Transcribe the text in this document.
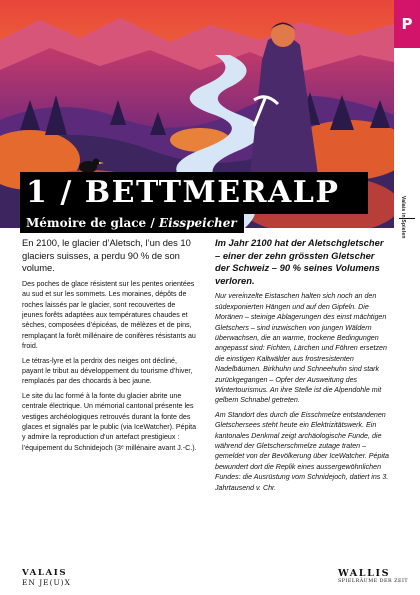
P
1 / BETTMERALP
Mémoire de glace / Eisspeicher
En 2100, le glacier d’Aletsch, l’un des 10 glaciers suisses, a perdu 90 % de son volume.

Des poches de glace résistent sur les pentes orientées au sud et sur les sommets. Les moraines, dépôts de roches laissés par le glacier, sont recouvertes de jeunes forêts adaptées aux températures chaudes et sèches, composées d’épicéas, de mélèzes et de pins, remplaçant la forêt millénaire de conifères résistants au froid.

Le tétras-lyre et la perdrix des neiges ont décliné, payant le tribut au développement du tourisme d’hiver, remplacés par des chocards à bec jaune.

Le site du lac formé à la fonte du glacier abrite une centrale électrique. Un mémorial cantonal présente les vestiges archéologiques retrouvés durant la fonte des glaces et signalés par le public (via IceWatcher). Pépita y admire la reproduction d’un artefact prestigieux : l’équipement du Schnidejoch (3ᵉ millénaire avant J.-C.).

Im Jahr 2100 hat der Aletschgletscher – einer der zehn grössten Gletscher der Schweiz – 90 % seines Volumens verloren.

Nur vereinzelte Eistaschen halten sich noch an den südexponierten Hängen und auf den Gipfeln. Die Moränen – steinige Ablagerungen des einst mächtigen Gletschers – sind inzwischen von jungen Wäldern überwachsen, die an warme, trockene Bedingungen angepasst sind: Fichten, Lärchen und Föhren ersetzen die einstigen Kaltwälder aus frostresistenten Nadelbäumen. Birkhuhn und Schneehuhn sind stark zurückgegangen – Opfer der Ausweitung des Wintertourismus. An ihre Stelle ist die Alpendohle mit gelbem Schnabel getreten.

Am Standort des durch die Eisschmelze entstandenen Gletschersees steht heute ein Elektrizitätswerk. Ein kantonales Denkmal zeigt archäologische Funde, die während der Gletscherschmelze zutage traten – gemeldet von der Bevölkerung über IceWatcher. Pépita bewundert dort die Replik eines aussergewöhnlichen Fundes: die Ausrüstung vom Schnidejoch, datiert ins 3. Jahrtausend v. Chr.

VALAIS
EN JE(U)X
WALLIS
SPIELRÄUME DER ZEIT
